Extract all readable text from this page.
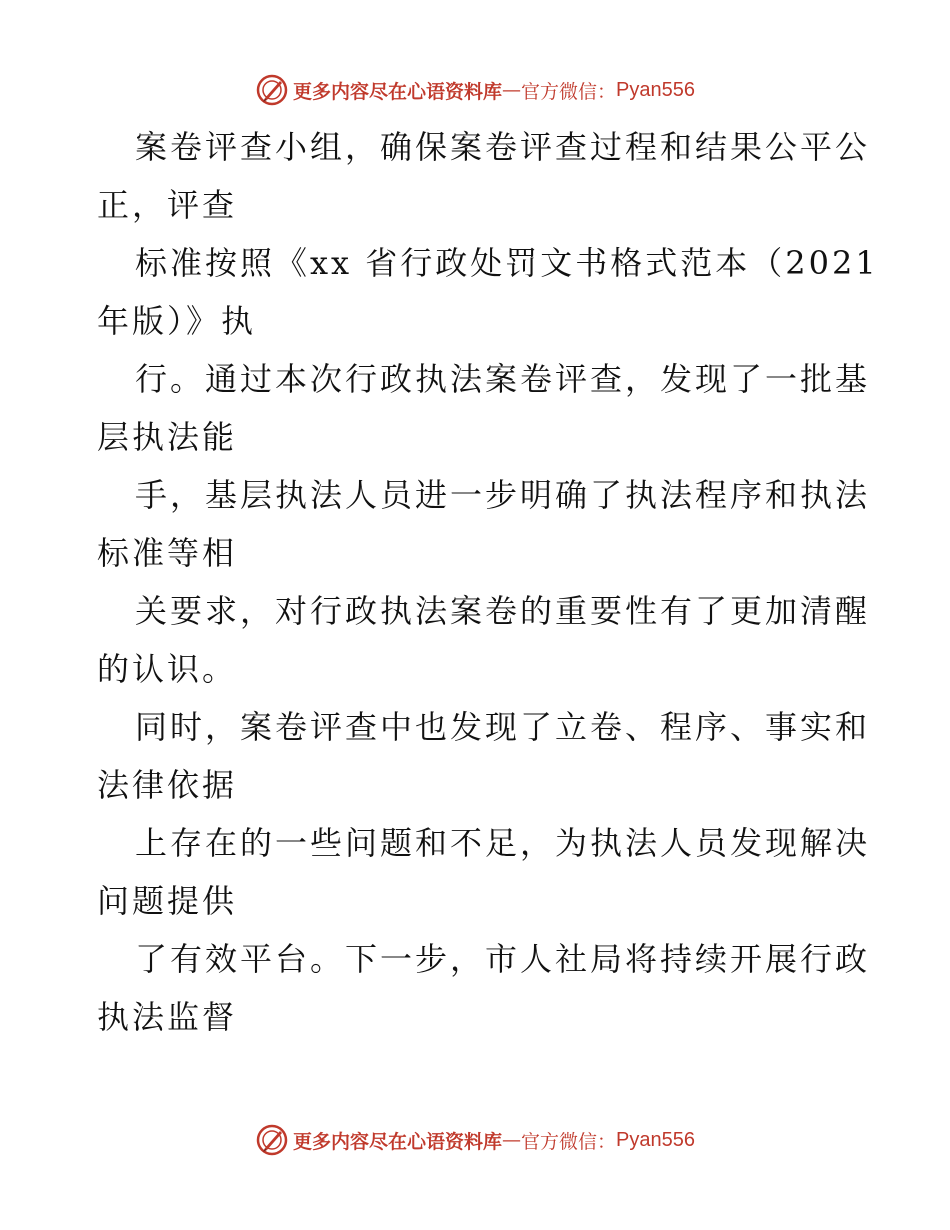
更多内容尽在心语资料库 — 官方微信： Pyan556
案卷评查小组，确保案卷评查过程和结果公平公
正，评查
标准按照《xx 省行政处罚文书格式范本（2021
年版）》执
行。通过本次行政执法案卷评查，发现了一批基
层执法能
手，基层执法人员进一步明确了执法程序和执法
标准等相
关要求，对行政执法案卷的重要性有了更加清醒
的认识。
同时，案卷评查中也发现了立卷、程序、事实和
法律依据
上存在的一些问题和不足，为执法人员发现解决
问题提供
了有效平台。下一步，市人社局将持续开展行政
执法监督
更多内容尽在心语资料库 — 官方微信： Pyan556
